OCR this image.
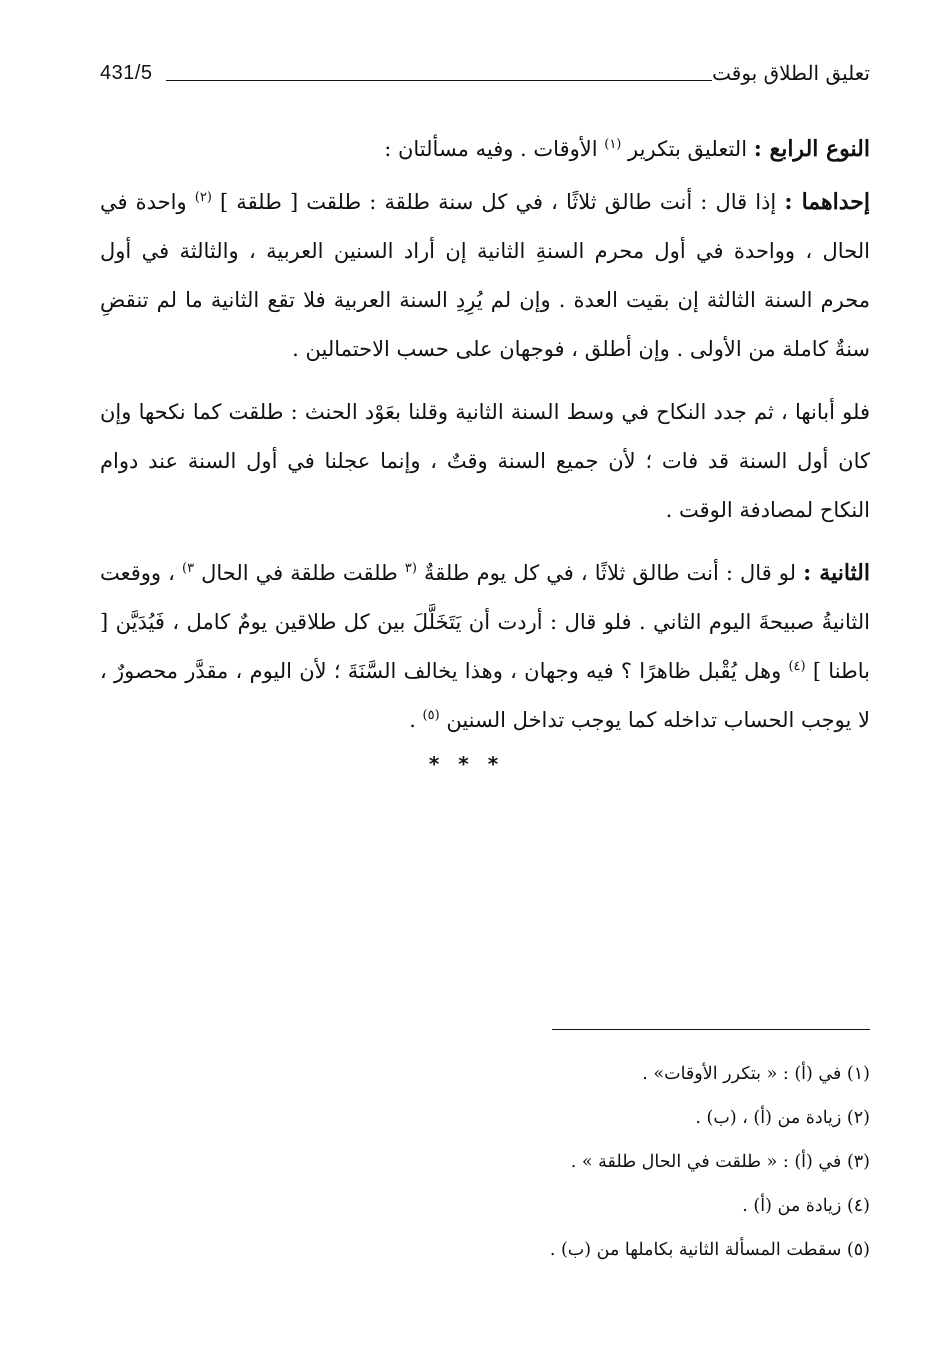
431/5	تعليق الطلاق بوقت

النوع الرابع : التعليق بتكرير $^{(١)}$ الأوقات . وفيه مسألتان :

إحداهما : إذا قال : أنت طالق ثلاثًا ، في كل سنة طلقة : طلقت [ طلقة ] $^{(٢)}$ واحدة في الحال ، وواحدة في أول محرم السنةِ الثانية إن أراد السنين العربية ، والثالثة في أول محرم السنة الثالثة إن بقيت العدة . وإن لم يُرِدِ السنة العربية فلا تقع الثانية ما لم تنقضِ سنةٌ كاملة من الأولى . وإن أطلق ، فوجهان على حسب الاحتمالين .

فلو أبانها ، ثم جدد النكاح في وسط السنة الثانية وقلنا بعَوْد الحنث : طلقت كما نكحها وإن كان أول السنة قد فات ؛ لأن جميع السنة وقتٌ ، وإنما عجلنا في أول السنة عند دوام النكاح لمصادفة الوقت .

الثانية : لو قال : أنت طالق ثلاثًا ، في كل يوم طلقةٌ $^{(٣}$ طلقت طلقة في الحال $^{٣)}$ ، ووقعت الثانيةُ صبيحةَ اليوم الثاني . فلو قال : أردت أن يَتَخَلَّلَ بين كل طلاقين يومٌ كامل ، فَيُدَيَّن [ باطنا ] $^{(٤)}$ وهل يُقْبل ظاهرًا ؟ فيه وجهان ، وهذا يخالف السَّنَةَ ؛ لأن اليوم ، مقدَّر محصورٌ ، لا يوجب الحساب تداخله كما يوجب تداخل السنين $^{(٥)}$ .

* * *

(١) في (أ) : « بتكرر الأوقات» .

(٢) زيادة من (أ) ، (ب) .

(٣) في (أ) : « طلقت في الحال طلقة » .

(٤) زيادة من (أ) .

(٥) سقطت المسألة الثانية بكاملها من (ب) .
